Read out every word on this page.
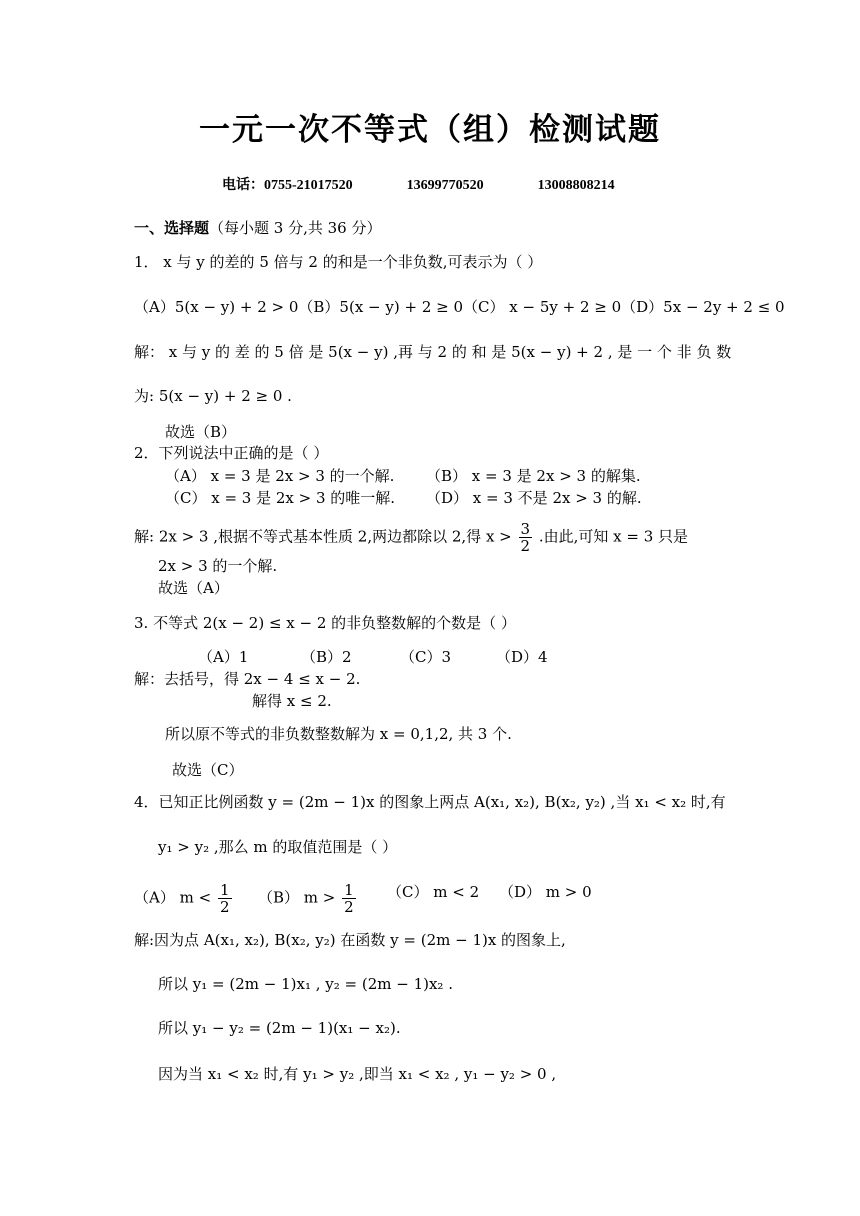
一元一次不等式（组）检测试题
电话：0755-21017520	13699770520	13008808214
一、选择题（每小题 3 分,共 36 分）
1． x 与 y 的差的 5 倍与 2 的和是一个非负数,可表示为（ ）
（A）5(x − y) + 2 > 0（B）5(x − y) + 2 ≥ 0（C） x − 5y + 2 ≥ 0（D）5x − 2y + 2 ≤ 0
解： x 与 y 的 差 的 5 倍 是 5(x − y) ,再 与 2 的 和 是 5(x − y) + 2 , 是 一 个 非 负 数
为: 5(x − y) + 2 ≥ 0 .
故选（B）
2．下列说法中正确的是（ ）
（A） x = 3 是 2x > 3 的一个解. （B） x = 3 是 2x > 3 的解集.
（C） x = 3 是 2x > 3 的唯一解. （D） x = 3 不是 2x > 3 的解.
解: 2x > 3 ,根据不等式基本性质 2,两边都除以 2,得 $x > \frac{3}{2}$ .由此,可知 x = 3 只是
2x > 3 的一个解.
故选（A）
3. 不等式 2(x − 2) ≤ x − 2 的非负整数解的个数是（ ）
（A）1	（B）2	（C）3	（D）4
解：去括号，得 2x − 4 ≤ x − 2.
解得 x ≤ 2.
所以原不等式的非负数整数解为 x = 0,1,2, 共 3 个.
故选（C）
4．已知正比例函数 y = (2m − 1)x 的图象上两点 A(x₁, x₂), B(x₂, y₂) ,当 x₁ < x₂ 时,有
y₁ > y₂ ,那么 m 的取值范围是（ ）
（A） $m < \frac{1}{2} (B) m > \frac{1}{2} (C) m < 2$ （D） m > 0
解:因为点 A(x₁, x₂), B(x₂, y₂) 在函数 y = (2m − 1)x 的图象上,
所以 y₁ = (2m − 1)x₁ , y₂ = (2m − 1)x₂ .
所以 y₁ − y₂ = (2m − 1)(x₁ − x₂).
因为当 x₁ < x₂ 时,有 y₁ > y₂ ,即当 x₁ < x₂ , y₁ − y₂ > 0 ,
